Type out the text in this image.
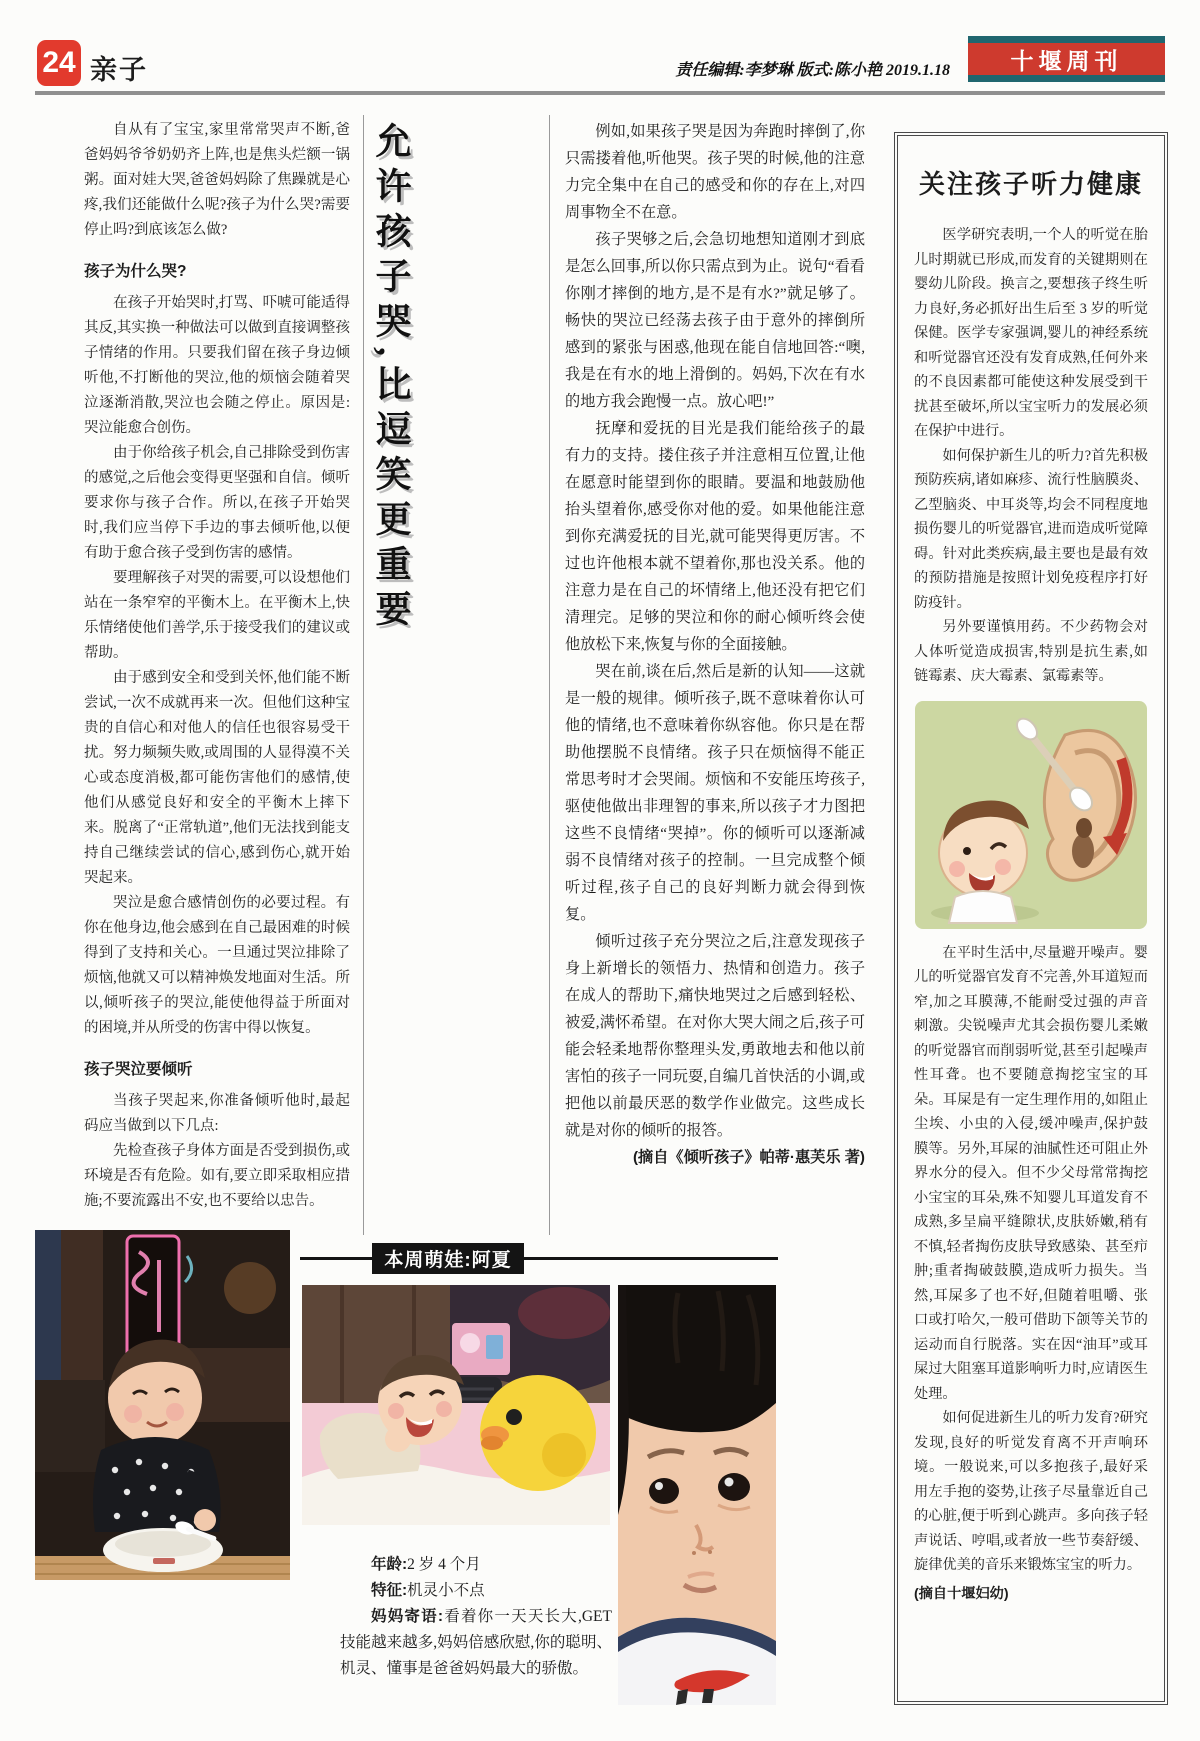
24 亲子	责任编辑:李梦琳 版式:陈小艳 2019.1.18	十堰周刊

自从有了宝宝,家里常常哭声不断,爸爸妈妈爷爷奶奶齐上阵,也是焦头烂额一锅粥。面对娃大哭,爸爸妈妈除了焦躁就是心疼,我们还能做什么呢?孩子为什么哭?需要停止吗?到底该怎么做?

孩子为什么哭?

在孩子开始哭时,打骂、吓唬可能适得其反,其实换一种做法可以做到直接调整孩子情绪的作用。只要我们留在孩子身边倾听他,不打断他的哭泣,他的烦恼会随着哭泣逐渐消散,哭泣也会随之停止。原因是:哭泣能愈合创伤。

由于你给孩子机会,自己排除受到伤害的感觉,之后他会变得更坚强和自信。倾听要求你与孩子合作。所以,在孩子开始哭时,我们应当停下手边的事去倾听他,以便有助于愈合孩子受到伤害的感情。

要理解孩子对哭的需要,可以设想他们站在一条窄窄的平衡木上。在平衡木上,快乐情绪使他们善学,乐于接受我们的建议或帮助。

由于感到安全和受到关怀,他们能不断尝试,一次不成就再来一次。但他们这种宝贵的自信心和对他人的信任也很容易受干扰。努力频频失败,或周围的人显得漠不关心或态度消极,都可能伤害他们的感情,使他们从感觉良好和安全的平衡木上摔下来。脱离了“正常轨道”,他们无法找到能支持自己继续尝试的信心,感到伤心,就开始哭起来。

哭泣是愈合感情创伤的必要过程。有你在他身边,他会感到在自己最困难的时候得到了支持和关心。一旦通过哭泣排除了烦恼,他就又可以精神焕发地面对生活。所以,倾听孩子的哭泣,能使他得益于所面对的困境,并从所受的伤害中得以恢复。

孩子哭泣要倾听

当孩子哭起来,你准备倾听他时,最起码应当做到以下几点:

先检查孩子身体方面是否受到损伤,或环境是否有危险。如有,要立即采取相应措施;不要流露出不安,也不要给以忠告。

允许孩子哭,比逗笑更重要	例如,如果孩子哭是因为奔跑时摔倒了,你只需搂着他,听他哭。孩子哭的时候,他的注意力完全集中在自己的感受和你的存在上,对四周事物全不在意。

孩子哭够之后,会急切地想知道刚才到底是怎么回事,所以你只需点到为止。说句“看看你刚才摔倒的地方,是不是有水?”就足够了。畅快的哭泣已经荡去孩子由于意外的摔倒所感到的紧张与困惑,他现在能自信地回答:“噢,我是在有水的地上滑倒的。妈妈,下次在有水的地方我会跑慢一点。放心吧!”

抚摩和爱抚的目光是我们能给孩子的最有力的支持。搂住孩子并注意相互位置,让他在愿意时能望到你的眼睛。要温和地鼓励他抬头望着你,感受你对他的爱。如果他能注意到你充满爱抚的目光,就可能哭得更厉害。不过也许他根本就不望着你,那也没关系。他的注意力是在自己的坏情绪上,他还没有把它们清理完。足够的哭泣和你的耐心倾听终会使他放松下来,恢复与你的全面接触。

哭在前,谈在后,然后是新的认知——这就是一般的规律。倾听孩子,既不意味着你认可他的情绪,也不意味着你纵容他。你只是在帮助他摆脱不良情绪。孩子只在烦恼得不能正常思考时才会哭闹。烦恼和不安能压垮孩子,驱使他做出非理智的事来,所以孩子才力图把这些不良情绪“哭掉”。你的倾听可以逐渐减弱不良情绪对孩子的控制。一旦完成整个倾听过程,孩子自己的良好判断力就会得到恢复。

倾听过孩子充分哭泣之后,注意发现孩子身上新增长的领悟力、热情和创造力。孩子在成人的帮助下,痛快地哭过之后感到轻松、被爱,满怀希望。在对你大哭大闹之后,孩子可能会轻柔地帮你整理头发,勇敢地去和他以前害怕的孩子一同玩耍,自编几首快活的小调,或把他以前最厌恶的数学作业做完。这些成长就是对你的倾听的报答。

(摘自《倾听孩子》帕蒂·惠芙乐 著)

关注孩子听力健康

医学研究表明,一个人的听觉在胎儿时期就已形成,而发育的关键期则在婴幼儿阶段。换言之,要想孩子终生听力良好,务必抓好出生后至 3 岁的听觉保健。医学专家强调,婴儿的神经系统和听觉器官还没有发育成熟,任何外来的不良因素都可能使这种发展受到干扰甚至破坏,所以宝宝听力的发展必须在保护中进行。

如何保护新生儿的听力?首先积极预防疾病,诸如麻疹、流行性脑膜炎、乙型脑炎、中耳炎等,均会不同程度地损伤婴儿的听觉器官,进而造成听觉障碍。针对此类疾病,最主要也是最有效的预防措施是按照计划免疫程序打好防疫针。

另外要谨慎用药。不少药物会对人体听觉造成损害,特别是抗生素,如链霉素、庆大霉素、氯霉素等。

在平时生活中,尽量避开噪声。婴儿的听觉器官发育不完善,外耳道短而窄,加之耳膜薄,不能耐受过强的声音刺激。尖锐噪声尤其会损伤婴儿柔嫩的听觉器官而削弱听觉,甚至引起噪声性耳聋。也不要随意掏挖宝宝的耳朵。耳屎是有一定生理作用的,如阻止尘埃、小虫的入侵,缓冲噪声,保护鼓膜等。另外,耳屎的油腻性还可阻止外界水分的侵入。但不少父母常常掏挖小宝宝的耳朵,殊不知婴儿耳道发育不成熟,多呈扁平缝隙状,皮肤娇嫩,稍有不慎,轻者掏伤皮肤导致感染、甚至疖肿;重者掏破鼓膜,造成听力损失。当然,耳屎多了也不好,但随着咀嚼、张口或打哈欠,一般可借助下颌等关节的运动而自行脱落。实在因“油耳”或耳屎过大阻塞耳道影响听力时,应请医生处理。

如何促进新生儿的听力发育?研究发现,良好的听觉发育离不开声响环境。一般说来,可以多抱孩子,最好采用左手抱的姿势,让孩子尽量靠近自己的心脏,便于听到心跳声。多向孩子轻声说话、哼唱,或者放一些节奏舒缓、旋律优美的音乐来锻炼宝宝的听力。

(摘自十堰妇幼)

本周萌娃:阿夏

年龄:2 岁 4 个月

特征:机灵小不点

妈妈寄语:看着你一天天长大,GET 技能越来越多,妈妈倍感欣慰,你的聪明、机灵、懂事是爸爸妈妈最大的骄傲。
